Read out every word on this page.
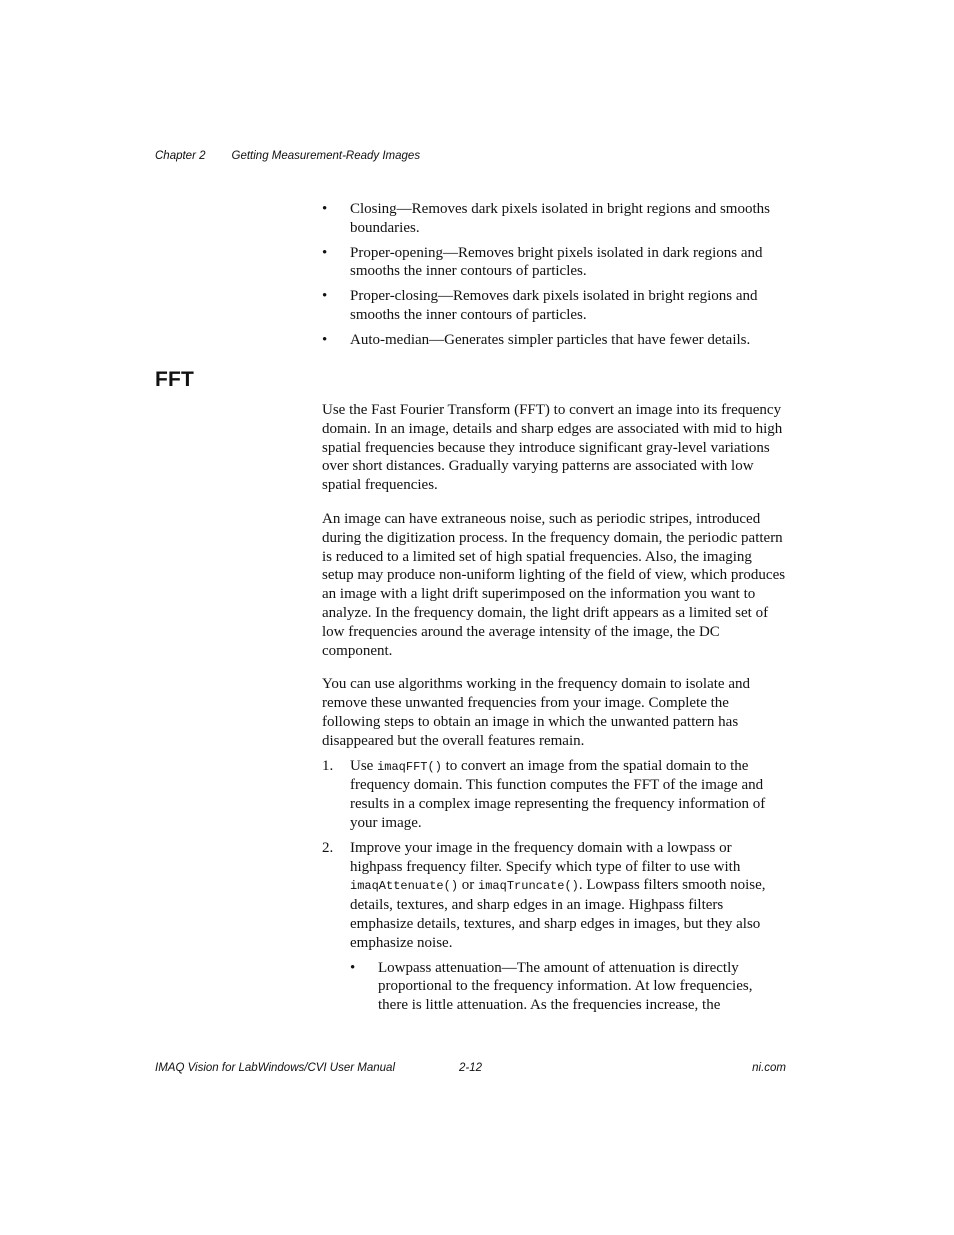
Chapter 2 Getting Measurement-Ready Images
• Closing—Removes dark pixels isolated in bright regions and smooths boundaries.
• Proper-opening—Removes bright pixels isolated in dark regions and smooths the inner contours of particles.
• Proper-closing—Removes dark pixels isolated in bright regions and smooths the inner contours of particles.
• Auto-median—Generates simpler particles that have fewer details.
FFT

Use the Fast Fourier Transform (FFT) to convert an image into its frequency domain. In an image, details and sharp edges are associated with mid to high spatial frequencies because they introduce significant gray-level variations over short distances. Gradually varying patterns are associated with low spatial frequencies.

An image can have extraneous noise, such as periodic stripes, introduced during the digitization process. In the frequency domain, the periodic pattern is reduced to a limited set of high spatial frequencies. Also, the imaging setup may produce non-uniform lighting of the field of view, which produces an image with a light drift superimposed on the information you want to analyze. In the frequency domain, the light drift appears as a limited set of low frequencies around the average intensity of the image, the DC component.

You can use algorithms working in the frequency domain to isolate and remove these unwanted frequencies from your image. Complete the following steps to obtain an image in which the unwanted pattern has disappeared but the overall features remain.

1. Use imaqFFT() to convert an image from the spatial domain to the frequency domain. This function computes the FFT of the image and results in a complex image representing the frequency information of your image.
2. Improve your image in the frequency domain with a lowpass or highpass frequency filter. Specify which type of filter to use with imaqAttenuate() or imaqTruncate(). Lowpass filters smooth noise, details, textures, and sharp edges in an image. Highpass filters emphasize details, textures, and sharp edges in images, but they also emphasize noise.
• Lowpass attenuation—The amount of attenuation is directly proportional to the frequency information. At low frequencies, there is little attenuation. As the frequencies increase, the
IMAQ Vision for LabWindows/CVI User Manual	2-12	ni.com
